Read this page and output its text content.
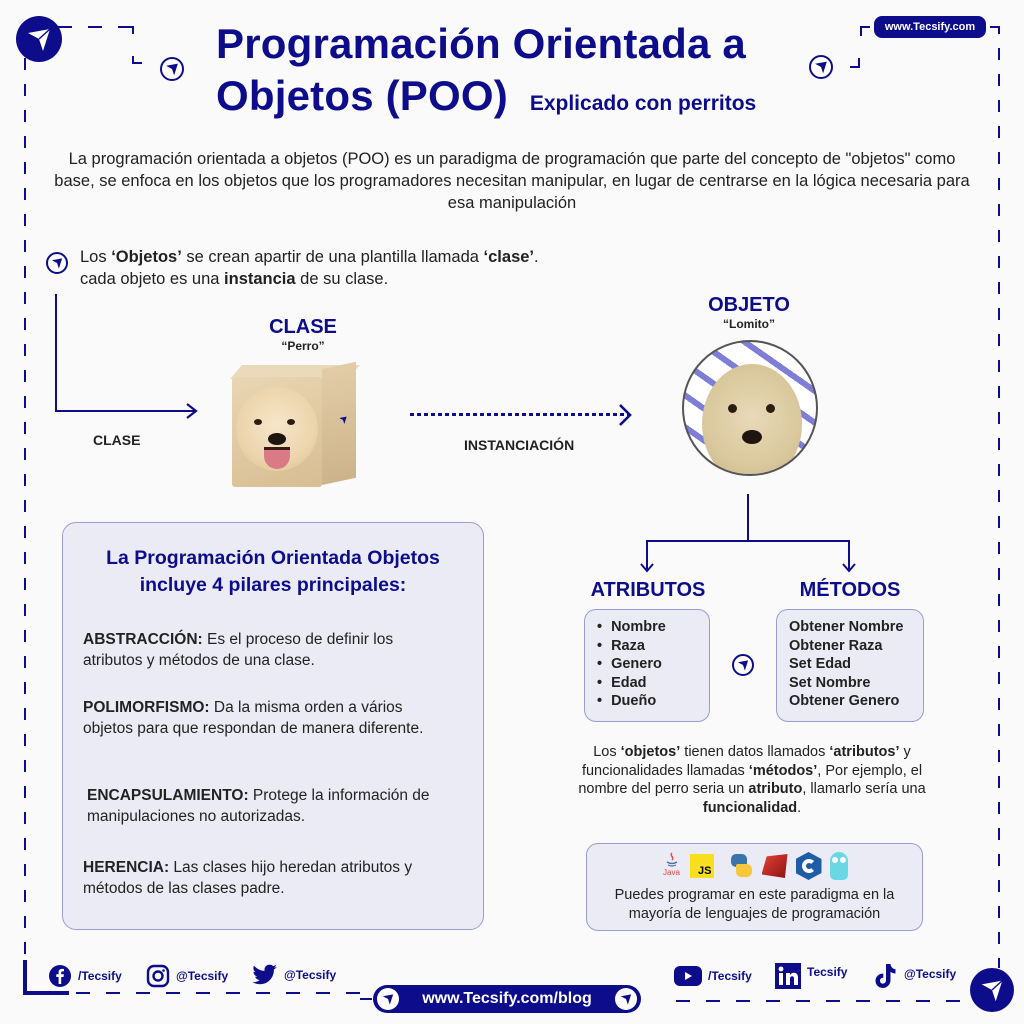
Programación Orientada a
Objetos (POO) Explicado con perritos
www.Tecsify.com
La programación orientada a objetos (POO) es un paradigma de programación que parte del concepto de "objetos" como base, se enfoca en los objetos que los programadores necesitan manipular, en lugar de centrarse en la lógica necesaria para esa manipulación
Los ‘Objetos’ se crean apartir de una plantilla llamada ‘clase’. cada objeto es una instancia de su clase.
CLASE
CLASE
“Perro”
INSTANCIACIÓN
OBJETO
“Lomito”
ATRIBUTOS	MÉTODOS
• Nombre
• Raza
• Genero
• Edad
• Dueño
Obtener Nombre
Obtener Raza
Set Edad
Set Nombre
Obtener Genero
La Programación Orientada Objetos
incluye 4 pilares principales:
ABSTRACCIÓN: Es el proceso de definir los atributos y métodos de una clase.
POLIMORFISMO: Da la misma orden a vários objetos para que respondan de manera diferente.
ENCAPSULAMIENTO: Protege la información de manipulaciones no autorizadas.
HERENCIA: Las clases hijo heredan atributos y métodos de las clases padre.
Los ‘objetos’ tienen datos llamados ‘atributos’ y funcionalidades llamadas ‘métodos’, Por ejemplo, el nombre del perro seria un atributo, llamarlo sería una funcionalidad.
Java JS
Puedes programar en este paradigma en la mayoría de lenguajes de programación
/Tecsify	@Tecsify	@Tecsify
www.Tecsify.com/blog
/Tecsify	Tecsify	@Tecsify
